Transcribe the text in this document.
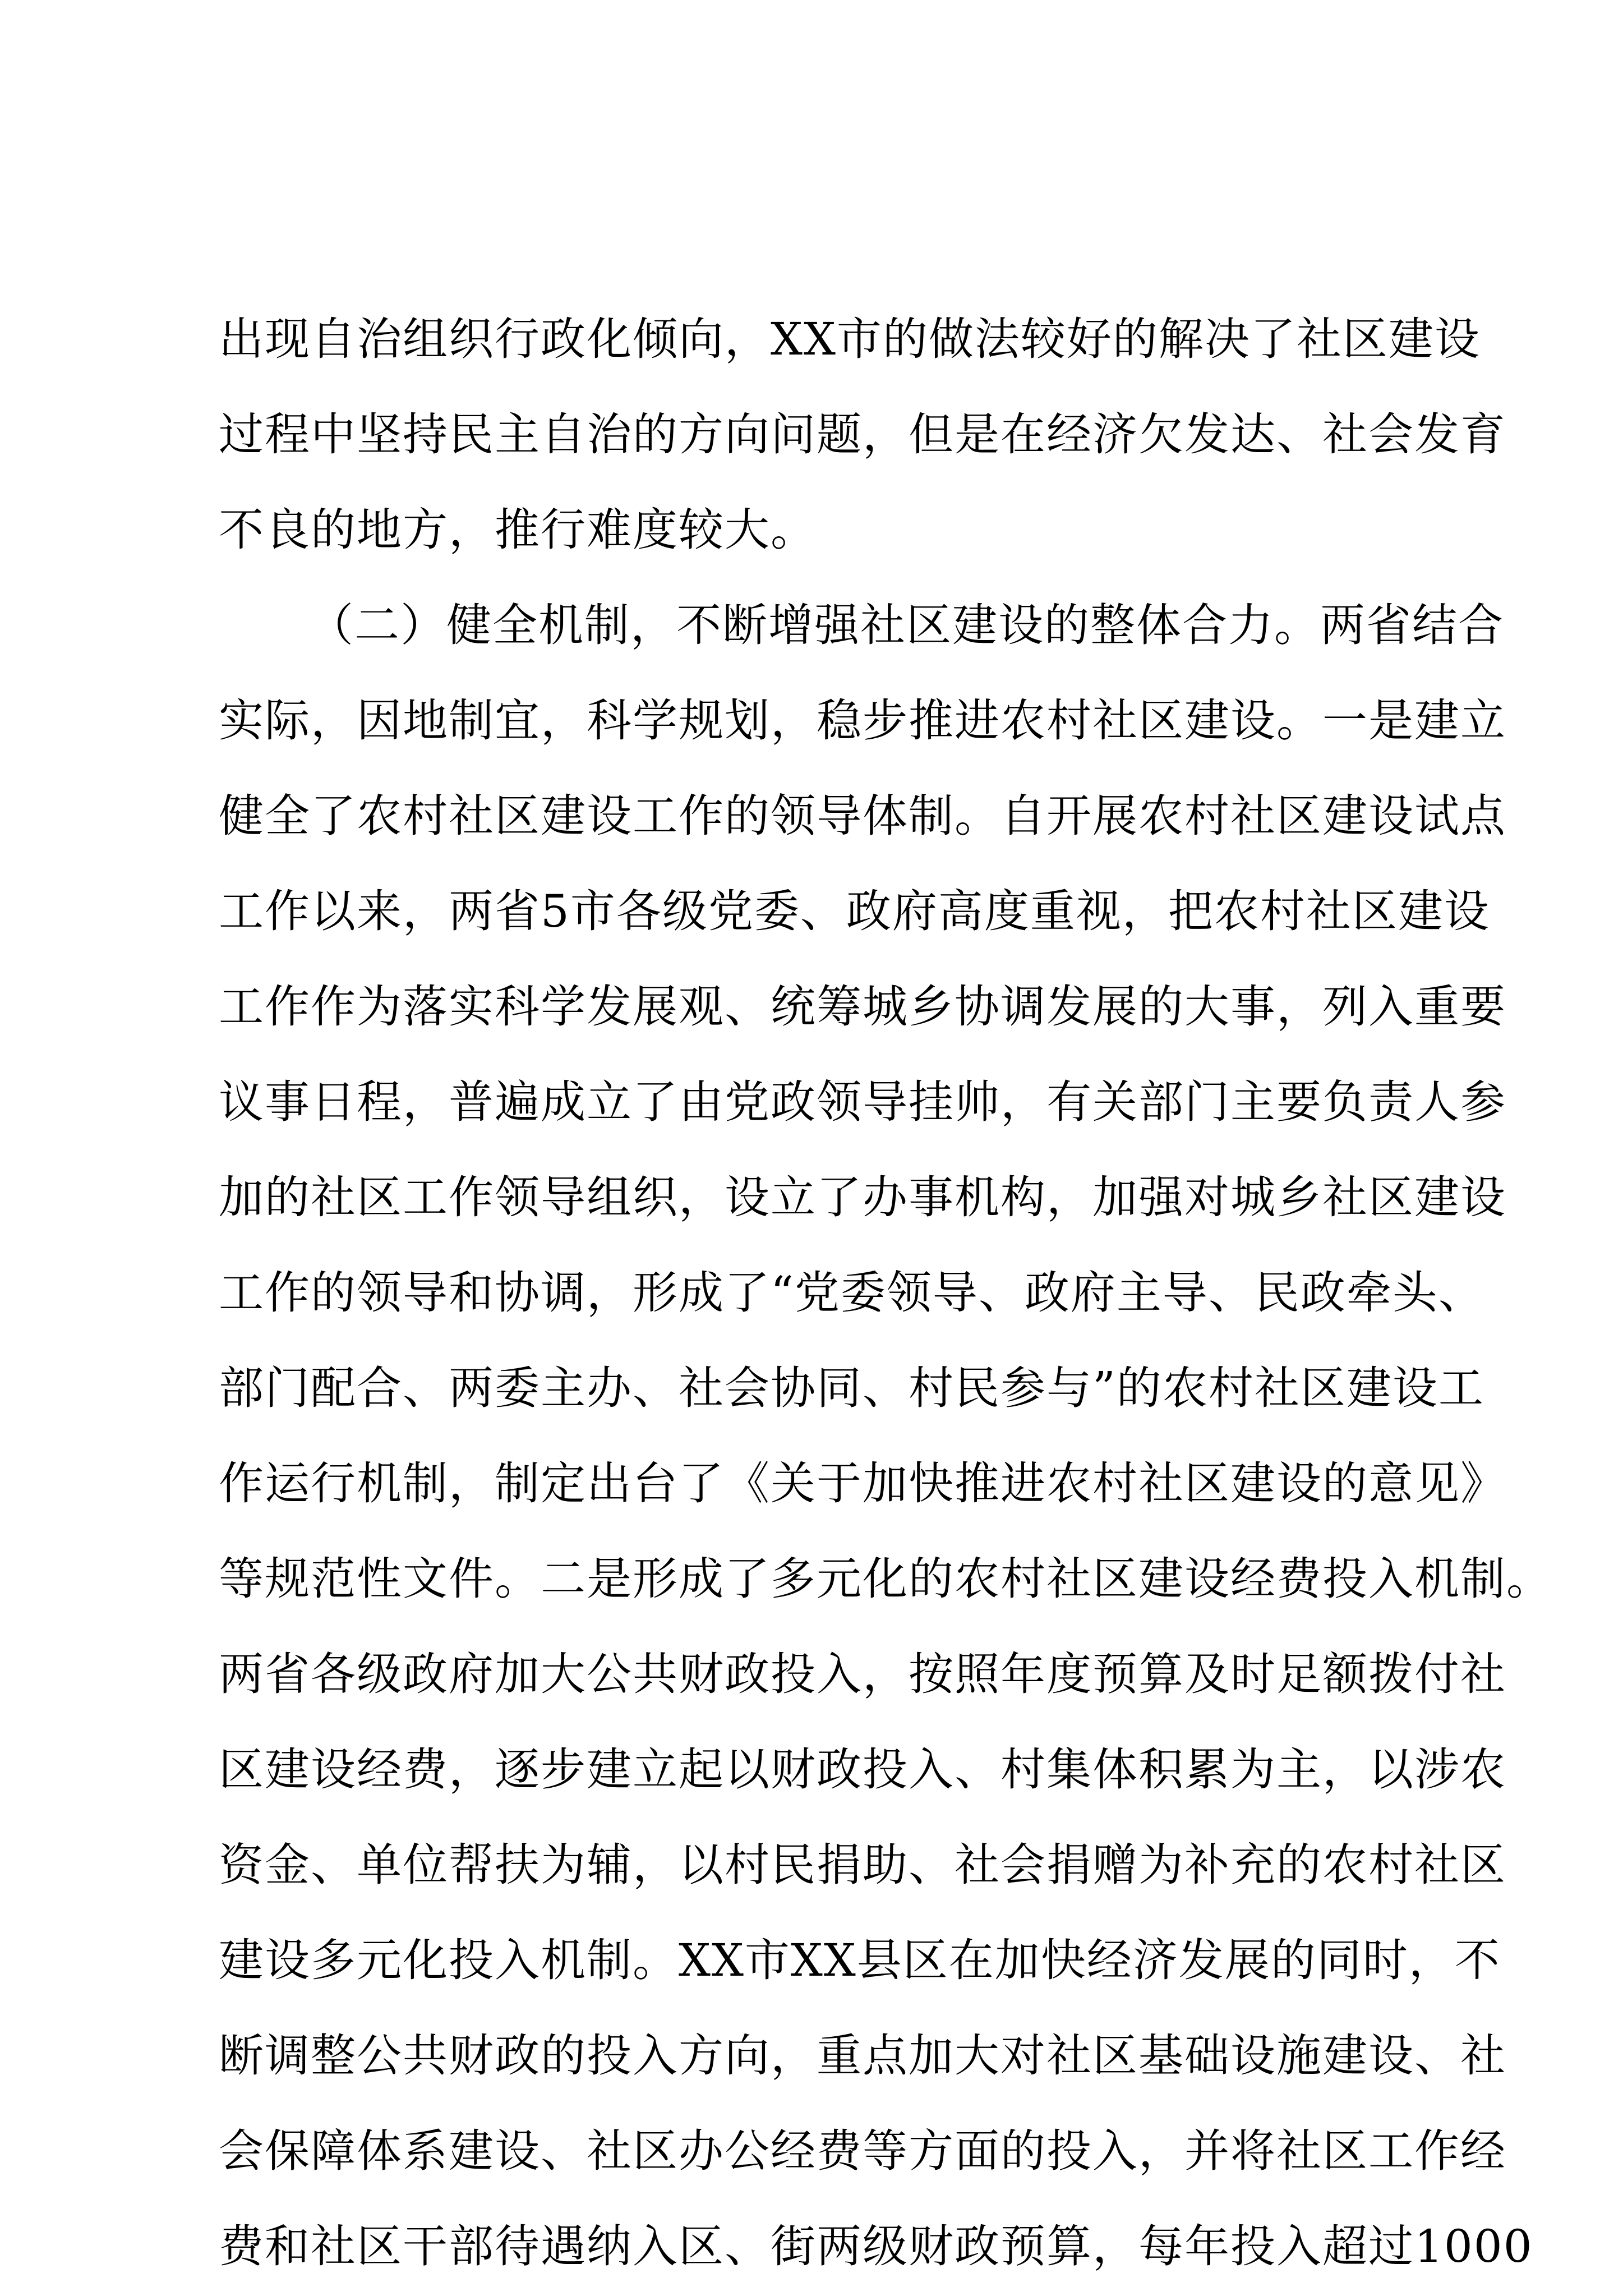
出现自治组织行政化倾向，XX市的做法较好的解决了社区建设
过程中坚持民主自治的方向问题，但是在经济欠发达、社会发育
不良的地方，推行难度较大。
（二）健全机制，不断增强社区建设的整体合力。两省结合
实际，因地制宜，科学规划，稳步推进农村社区建设。一是建立
健全了农村社区建设工作的领导体制。自开展农村社区建设试点
工作以来，两省5市各级党委、政府高度重视，把农村社区建设
工作作为落实科学发展观、统筹城乡协调发展的大事，列入重要
议事日程，普遍成立了由党政领导挂帅，有关部门主要负责人参
加的社区工作领导组织，设立了办事机构，加强对城乡社区建设
工作的领导和协调，形成了“党委领导、政府主导、民政牵头、
部门配合、两委主办、社会协同、村民参与”的农村社区建设工
作运行机制，制定出台了《关于加快推进农村社区建设的意见》
等规范性文件。二是形成了多元化的农村社区建设经费投入机制。
两省各级政府加大公共财政投入，按照年度预算及时足额拨付社
区建设经费，逐步建立起以财政投入、村集体积累为主，以涉农
资金、单位帮扶为辅，以村民捐助、社会捐赠为补充的农村社区
建设多元化投入机制。XX市XX县区在加快经济发展的同时，不
断调整公共财政的投入方向，重点加大对社区基础设施建设、社
会保障体系建设、社区办公经费等方面的投入，并将社区工作经
费和社区干部待遇纳入区、街两级财政预算，每年投入超过1000
